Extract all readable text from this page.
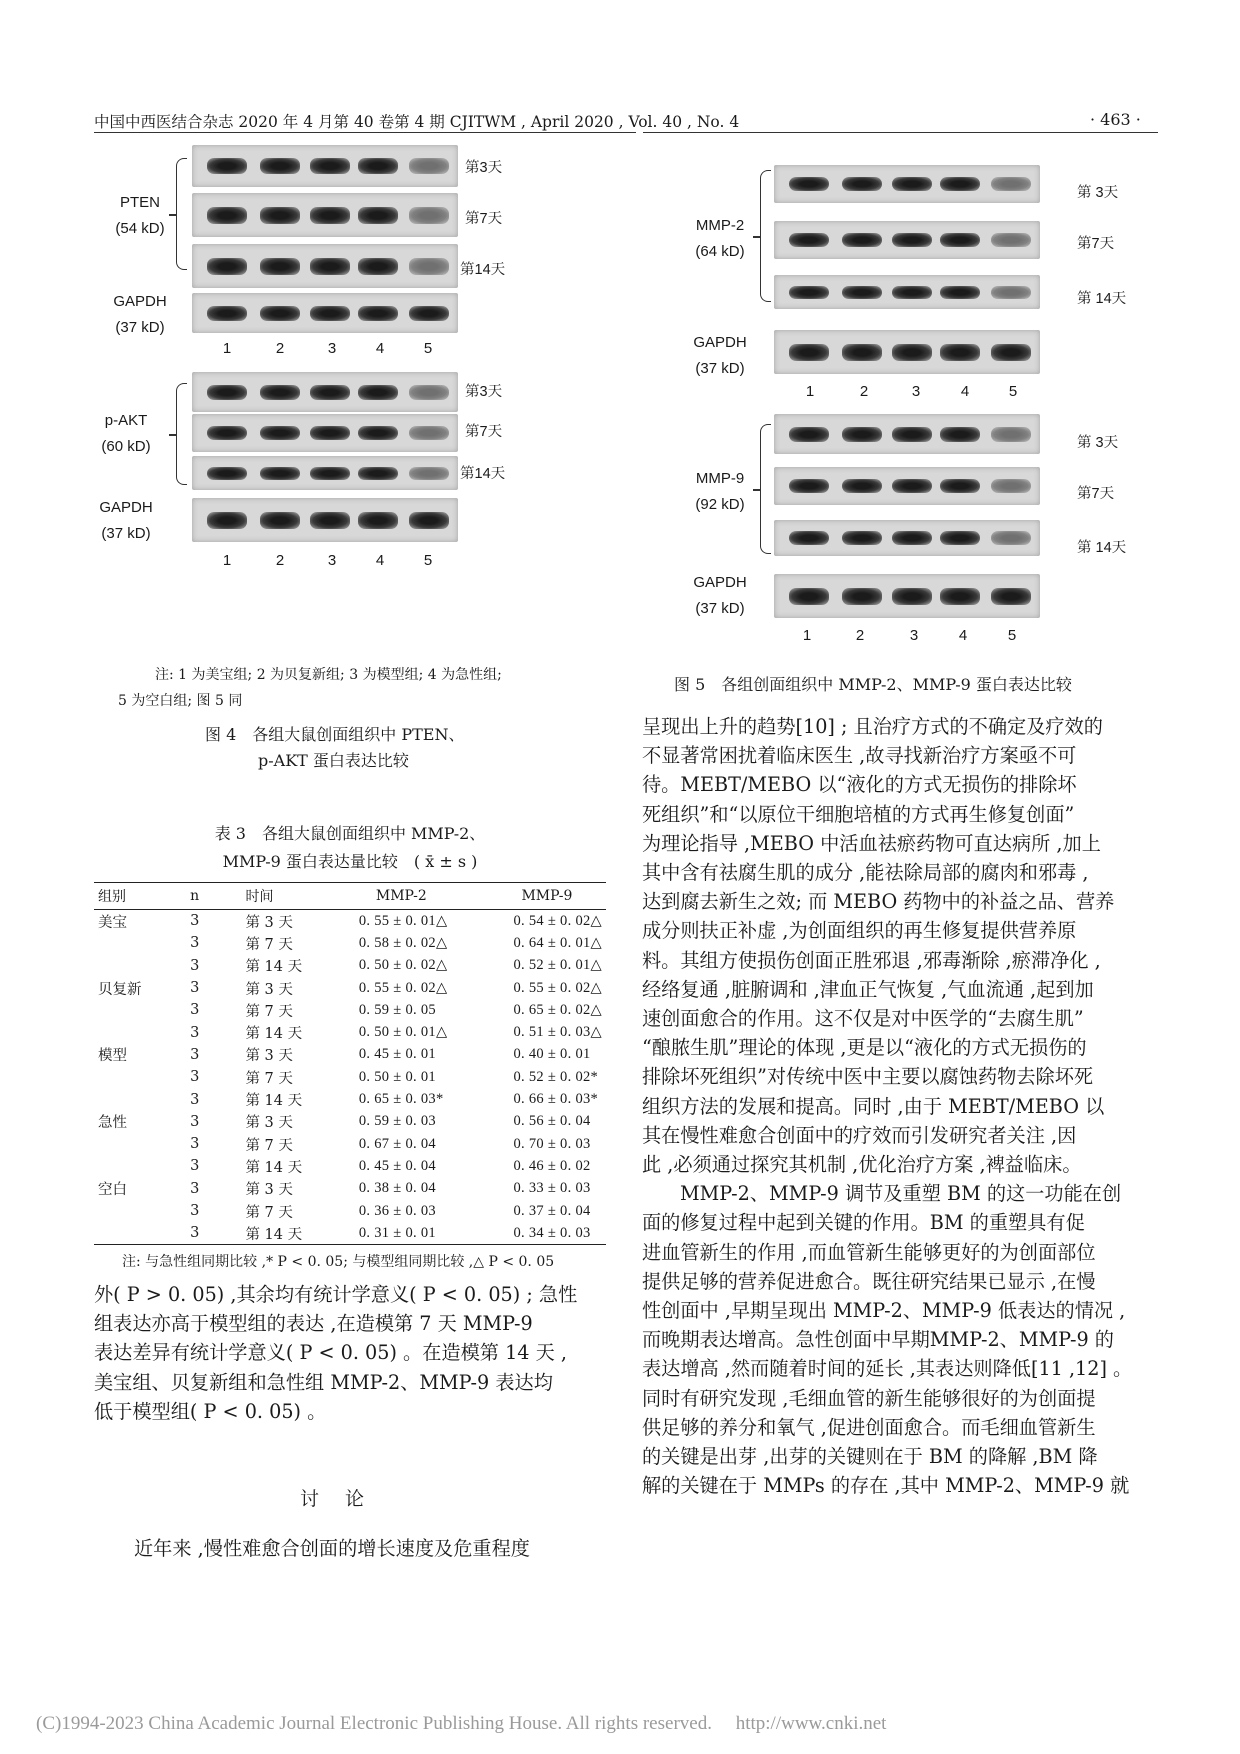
中国中西医结合杂志 2020 年 4 月第 40 卷第 4 期 CJITWM , April 2020 , Vol. 40 , No. 4	· 463 ·
PTEN
(54 kD)
第3天
第7天
第14天
GAPDH
(37 kD)
1	2	3	4	5
p-AKT
(60 kD)
第3天
第7天
第14天
GAPDH
(37 kD)
1	2	3	4	5
注: 1 为美宝组; 2 为贝复新组; 3 为模型组; 4 为急性组;
5 为空白组; 图 5 同
图 4　各组大鼠创面组织中 PTEN、
p-AKT 蛋白表达比较
MMP-2
(64 kD)
第 3天
第7天
第 14天
GAPDH
(37 kD)
1	2	3	4	5
MMP-9
(92 kD)
第 3天
第7天
第 14天
GAPDH
(37 kD)
1	2	3	4	5
图 5　各组创面组织中 MMP-2、MMP-9 蛋白表达比较
表 3　各组大鼠创面组织中 MMP-2、
MMP-9 蛋白表达量比较　( x̄ ± s )
组别	n	时间	MMP-2	MMP-9
美宝	3	第 3 天	0. 55 ± 0. 01△	0. 54 ± 0. 02△
	3	第 7 天	0. 58 ± 0. 02△	0. 64 ± 0. 01△
	3	第 14 天	0. 50 ± 0. 02△	0. 52 ± 0. 01△
贝复新	3	第 3 天	0. 55 ± 0. 02△	0. 55 ± 0. 02△
	3	第 7 天	0. 59 ± 0. 05	0. 65 ± 0. 02△
	3	第 14 天	0. 50 ± 0. 01△	0. 51 ± 0. 03△
模型	3	第 3 天	0. 45 ± 0. 01	0. 40 ± 0. 01
	3	第 7 天	0. 50 ± 0. 01	0. 52 ± 0. 02*
	3	第 14 天	0. 65 ± 0. 03*	0. 66 ± 0. 03*
急性	3	第 3 天	0. 59 ± 0. 03	0. 56 ± 0. 04
	3	第 7 天	0. 67 ± 0. 04	0. 70 ± 0. 03
	3	第 14 天	0. 45 ± 0. 04	0. 46 ± 0. 02
空白	3	第 3 天	0. 38 ± 0. 04	0. 33 ± 0. 03
	3	第 7 天	0. 36 ± 0. 03	0. 37 ± 0. 04
	3	第 14 天	0. 31 ± 0. 01	0. 34 ± 0. 03
注: 与急性组同期比较 ,* P < 0. 05; 与模型组同期比较 ,△ P < 0. 05
外( P > 0. 05) ,其余均有统计学意义( P < 0. 05) ; 急性
组表达亦高于模型组的表达 ,在造模第 7 天 MMP-9
表达差异有统计学意义( P < 0. 05) 。在造模第 14 天 ,
美宝组、贝复新组和急性组 MMP-2、MMP-9 表达均
低于模型组( P < 0. 05) 。
讨论
近年来 ,慢性难愈合创面的增长速度及危重程度
呈现出上升的趋势[10] ; 且治疗方式的不确定及疗效的
不显著常困扰着临床医生 ,故寻找新治疗方案亟不可
待。MEBT/MEBO 以“液化的方式无损伤的排除坏
死组织”和“以原位干细胞培植的方式再生修复创面”
为理论指导 ,MEBO 中活血祛瘀药物可直达病所 ,加上
其中含有祛腐生肌的成分 ,能祛除局部的腐肉和邪毒 ,
达到腐去新生之效; 而 MEBO 药物中的补益之品、营养
成分则扶正补虚 ,为创面组织的再生修复提供营养原
料。其组方使损伤创面正胜邪退 ,邪毒渐除 ,瘀滞净化 ,
经络复通 ,脏腑调和 ,津血正气恢复 ,气血流通 ,起到加
速创面愈合的作用。这不仅是对中医学的“去腐生肌”
“酿脓生肌”理论的体现 ,更是以“液化的方式无损伤的
排除坏死组织”对传统中医中主要以腐蚀药物去除坏死
组织方法的发展和提高。同时 ,由于 MEBT/MEBO 以
其在慢性难愈合创面中的疗效而引发研究者关注 ,因
此 ,必须通过探究其机制 ,优化治疗方案 ,裨益临床。
MMP-2、MMP-9 调节及重塑 BM 的这一功能在创
面的修复过程中起到关键的作用。BM 的重塑具有促
进血管新生的作用 ,而血管新生能够更好的为创面部位
提供足够的营养促进愈合。既往研究结果已显示 ,在慢
性创面中 ,早期呈现出 MMP-2、MMP-9 低表达的情况 ,
而晚期表达增高。急性创面中早期MMP-2、MMP-9 的
表达增高 ,然而随着时间的延长 ,其表达则降低[11 ,12] 。
同时有研究发现 ,毛细血管的新生能够很好的为创面提
供足够的养分和氧气 ,促进创面愈合。而毛细血管新生
的关键是出芽 ,出芽的关键则在于 BM 的降解 ,BM 降
解的关键在于 MMPs 的存在 ,其中 MMP-2、MMP-9 就
(C)1994-2023 China Academic Journal Electronic Publishing House. All rights reserved.　 http://www.cnki.net
